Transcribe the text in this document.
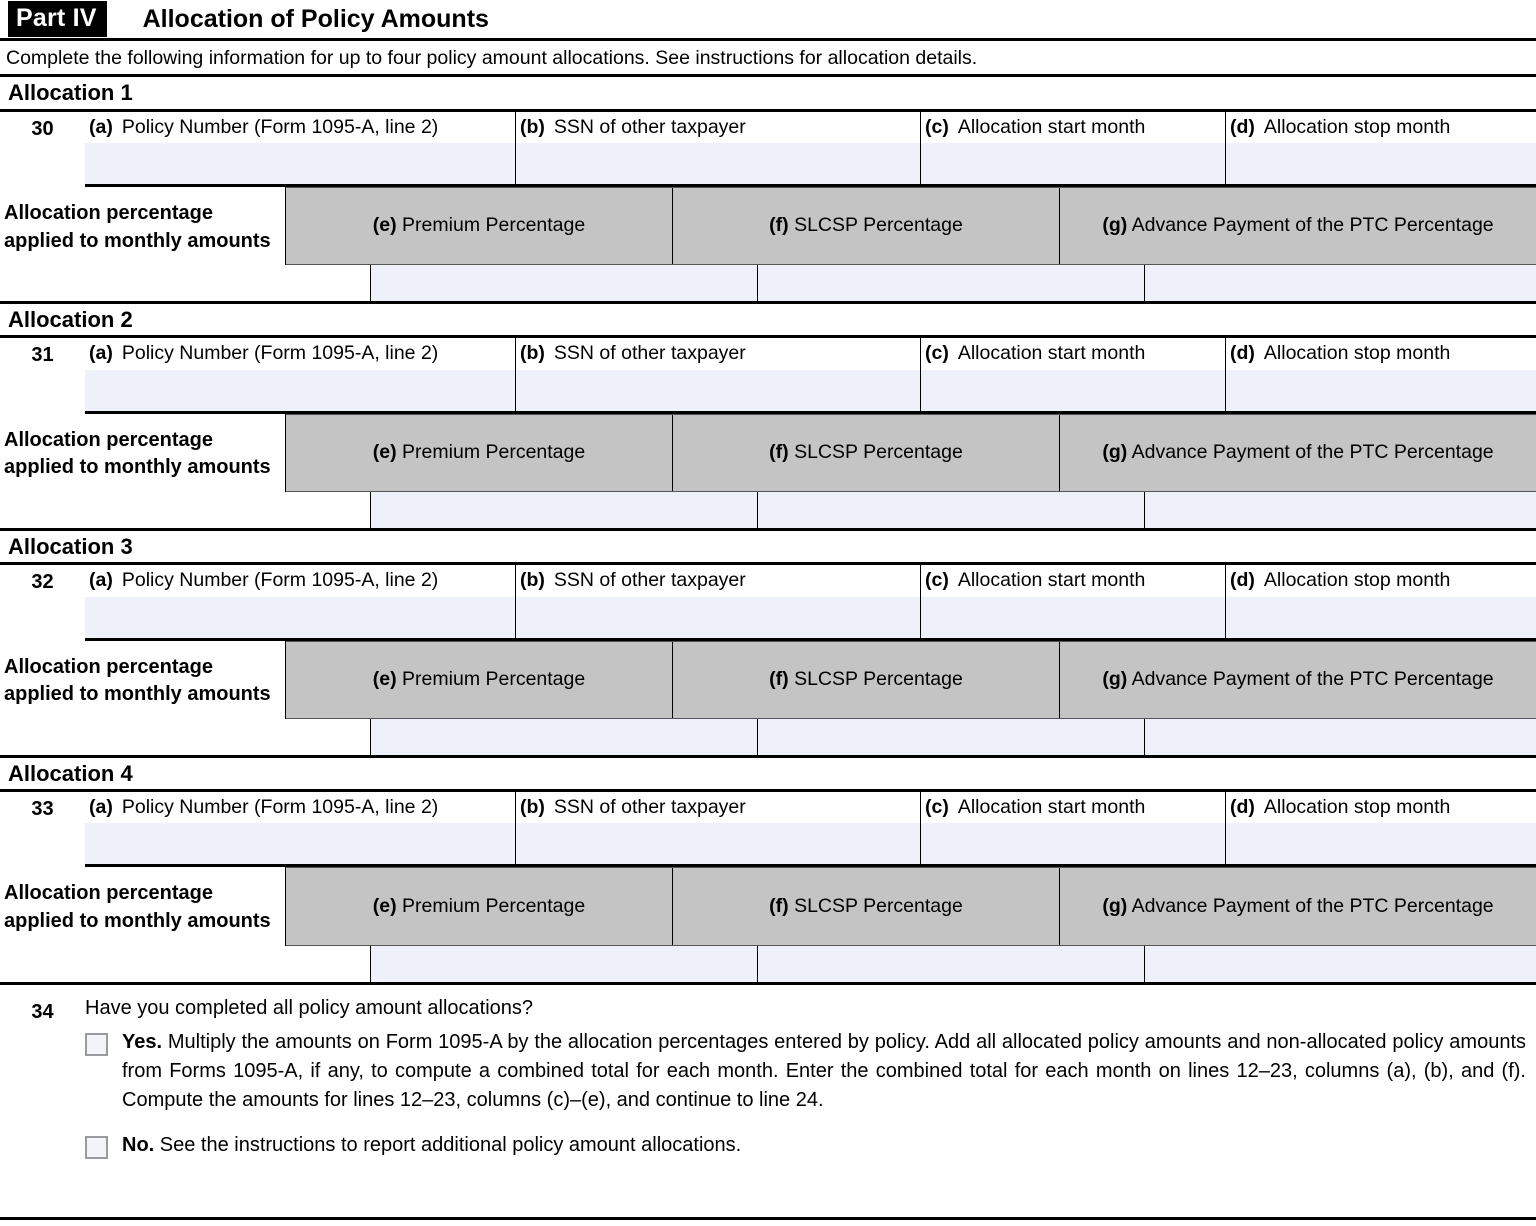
Part IV	Allocation of Policy Amounts
Complete the following information for up to four policy amount allocations. See instructions for allocation details.
Allocation 1
30	(a) Policy Number (Form 1095-A, line 2)	(b) SSN of other taxpayer	(c) Allocation start month	(d) Allocation stop month
Allocation percentage applied to monthly amounts
(e) Premium Percentage	(f) SLCSP Percentage	(g) Advance Payment of the PTC Percentage
Allocation 2
31	(a) Policy Number (Form 1095-A, line 2)	(b) SSN of other taxpayer	(c) Allocation start month	(d) Allocation stop month
Allocation percentage applied to monthly amounts
(e) Premium Percentage	(f) SLCSP Percentage	(g) Advance Payment of the PTC Percentage
Allocation 3
32	(a) Policy Number (Form 1095-A, line 2)	(b) SSN of other taxpayer	(c) Allocation start month	(d) Allocation stop month
Allocation percentage applied to monthly amounts
(e) Premium Percentage	(f) SLCSP Percentage	(g) Advance Payment of the PTC Percentage
Allocation 4
33	(a) Policy Number (Form 1095-A, line 2)	(b) SSN of other taxpayer	(c) Allocation start month	(d) Allocation stop month
Allocation percentage applied to monthly amounts
(e) Premium Percentage	(f) SLCSP Percentage	(g) Advance Payment of the PTC Percentage
34	Have you completed all policy amount allocations?
Yes. Multiply the amounts on Form 1095-A by the allocation percentages entered by policy. Add all allocated policy amounts and non-allocated policy amounts from Forms 1095-A, if any, to compute a combined total for each month. Enter the combined total for each month on lines 12–23, columns (a), (b), and (f). Compute the amounts for lines 12–23, columns (c)–(e), and continue to line 24.
No. See the instructions to report additional policy amount allocations.
